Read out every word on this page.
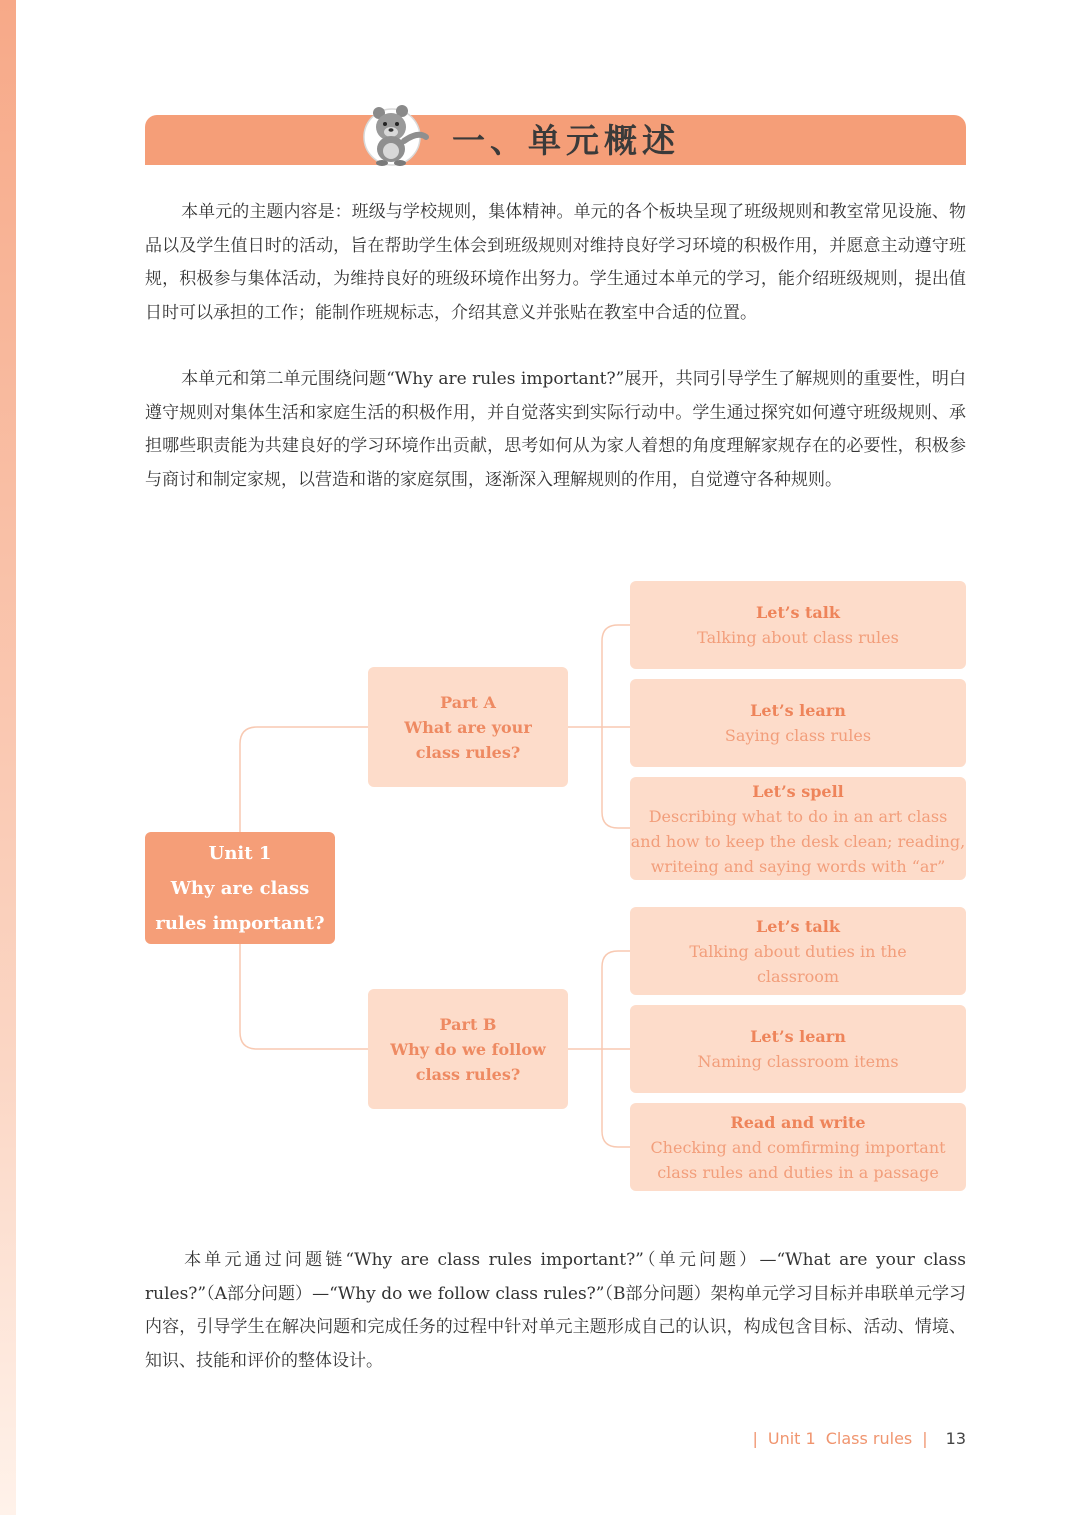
一、单元概述

本单元的主题内容是：班级与学校规则，集体精神。单元的各个板块呈现了班级规则和教室常见设施、物品以及学生值日时的活动，旨在帮助学生体会到班级规则对维持良好学习环境的积极作用，并愿意主动遵守班规，积极参与集体活动，为维持良好的班级环境作出努力。学生通过本单元的学习，能介绍班级规则，提出值日时可以承担的工作；能制作班规标志，介绍其意义并张贴在教室中合适的位置。

本单元和第二单元围绕问题“Why are rules important?”展开，共同引导学生了解规则的重要性，明白遵守规则对集体生活和家庭生活的积极作用，并自觉落实到实际行动中。学生通过探究如何遵守班级规则、承担哪些职责能为共建良好的学习环境作出贡献，思考如何从为家人着想的角度理解家规存在的必要性，积极参与商讨和制定家规，以营造和谐的家庭氛围，逐渐深入理解规则的作用，自觉遵守各种规则。

Unit 1
Why are class
rules important?
Part A
What are your
class rules?
Part B
Why do we follow
class rules?
Let’s talk
Talking about class rules
Let’s learn
Saying class rules
Let’s spell
Describing what to do in an art class
and how to keep the desk clean; reading,
writeing and saying words with “ar”
Let’s talk
Talking about duties in the
classroom
Let’s learn
Naming classroom items
Read and write
Checking and comfirming important
class rules and duties in a passage

本单元通过问题链“Why are class rules important?”（单元问题）—“What are your class rules?”（A部分问题）—“Why do we follow class rules?”（B部分问题）架构单元学习目标并串联单元学习内容，引导学生在解决问题和完成任务的过程中针对单元主题形成自己的认识，构成包含目标、活动、情境、知识、技能和评价的整体设计。

| Unit 1 Class rules | 13
